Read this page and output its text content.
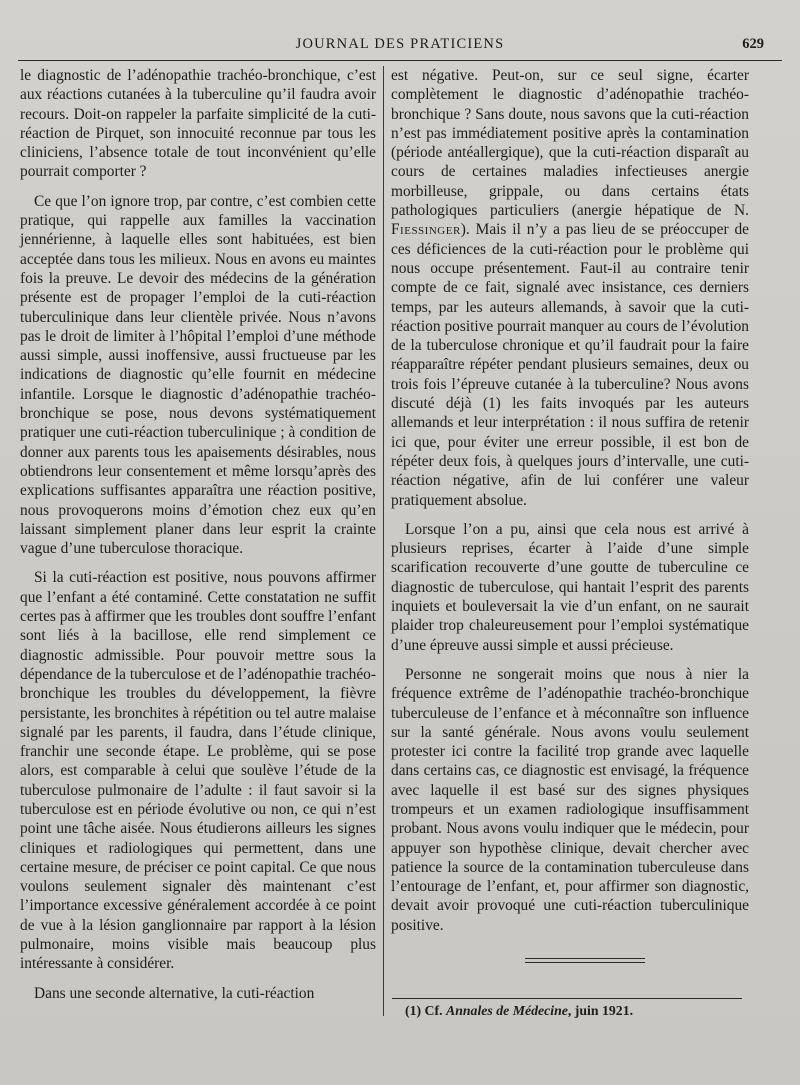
JOURNAL DES PRATICIENS	629

le diagnostic de l’adénopathie trachéo-bronchique, c’est aux réactions cutanées à la tuberculine qu’il faudra avoir recours. Doit-on rappeler la parfaite simplicité de la cuti-réaction de Pirquet, son innocuité reconnue par tous les cliniciens, l’absence totale de tout inconvénient qu’elle pourrait comporter ?

Ce que l’on ignore trop, par contre, c’est combien cette pratique, qui rappelle aux familles la vaccination jennérienne, à laquelle elles sont habituées, est bien acceptée dans tous les milieux. Nous en avons eu maintes fois la preuve. Le devoir des médecins de la génération présente est de propager l’emploi de la cuti-réaction tuberculinique dans leur clientèle privée. Nous n’avons pas le droit de limiter à l’hôpital l’emploi d’une méthode aussi simple, aussi inoffensive, aussi fructueuse par les indications de diagnostic qu’elle fournit en médecine infantile. Lorsque le diagnostic d’adénopathie trachéo-bronchique se pose, nous devons systématiquement pratiquer une cuti-réaction tuberculinique ; à condition de donner aux parents tous les apaisements désirables, nous obtiendrons leur consentement et même lorsqu’après des explications suffisantes apparaîtra une réaction positive, nous provoquerons moins d’émotion chez eux qu’en laissant simplement planer dans leur esprit la crainte vague d’une tuberculose thoracique.

Si la cuti-réaction est positive, nous pouvons affirmer que l’enfant a été contaminé. Cette constatation ne suffit certes pas à affirmer que les troubles dont souffre l’enfant sont liés à la bacillose, elle rend simplement ce diagnostic admissible. Pour pouvoir mettre sous la dépendance de la tuberculose et de l’adénopathie trachéo-bronchique les troubles du développement, la fièvre persistante, les bronchites à répétition ou tel autre malaise signalé par les parents, il faudra, dans l’étude clinique, franchir une seconde étape. Le problème, qui se pose alors, est comparable à celui que soulève l’étude de la tuberculose pulmonaire de l’adulte : il faut savoir si la tuberculose est en période évolutive ou non, ce qui n’est point une tâche aisée. Nous étudierons ailleurs les signes cliniques et radiologiques qui permettent, dans une certaine mesure, de préciser ce point capital. Ce que nous voulons seulement signaler dès maintenant c’est l’importance excessive généralement accordée à ce point de vue à la lésion ganglionnaire par rapport à la lésion pulmonaire, moins visible mais beaucoup plus intéressante à considérer.

Dans une seconde alternative, la cuti-réaction

est négative. Peut-on, sur ce seul signe, écarter complètement le diagnostic d’adénopathie trachéo-bronchique ? Sans doute, nous savons que la cuti-réaction n’est pas immédiatement positive après la contamination (période antéallergique), que la cuti-réaction disparaît au cours de certaines maladies infectieuses anergie morbilleuse, grippale, ou dans certains états pathologiques particuliers (anergie hépatique de N. Fiessinger). Mais il n’y a pas lieu de se préoccuper de ces déficiences de la cuti-réaction pour le problème qui nous occupe présentement. Faut-il au contraire tenir compte de ce fait, signalé avec insistance, ces derniers temps, par les auteurs allemands, à savoir que la cuti-réaction positive pourrait manquer au cours de l’évolution de la tuberculose chronique et qu’il faudrait pour la faire réapparaître répéter pendant plusieurs semaines, deux ou trois fois l’épreuve cutanée à la tuberculine? Nous avons discuté déjà (1) les faits invoqués par les auteurs allemands et leur interprétation : il nous suffira de retenir ici que, pour éviter une erreur possible, il est bon de répéter deux fois, à quelques jours d’intervalle, une cuti-réaction négative, afin de lui conférer une valeur pratiquement absolue.

Lorsque l’on a pu, ainsi que cela nous est arrivé à plusieurs reprises, écarter à l’aide d’une simple scarification recouverte d’une goutte de tuberculine ce diagnostic de tuberculose, qui hantait l’esprit des parents inquiets et bouleversait la vie d’un enfant, on ne saurait plaider trop chaleureusement pour l’emploi systématique d’une épreuve aussi simple et aussi précieuse.

Personne ne songerait moins que nous à nier la fréquence extrême de l’adénopathie trachéo-bronchique tuberculeuse de l’enfance et à méconnaître son influence sur la santé générale. Nous avons voulu seulement protester ici contre la facilité trop grande avec laquelle dans certains cas, ce diagnostic est envisagé, la fréquence avec laquelle il est basé sur des signes physiques trompeurs et un examen radiologique insuffisamment probant. Nous avons voulu indiquer que le médecin, pour appuyer son hypothèse clinique, devait chercher avec patience la source de la contamination tuberculeuse dans l’entourage de l’enfant, et, pour affirmer son diagnostic, devait avoir provoqué une cuti-réaction tuberculinique positive.

(1) Cf. Annales de Médecine, juin 1921.
